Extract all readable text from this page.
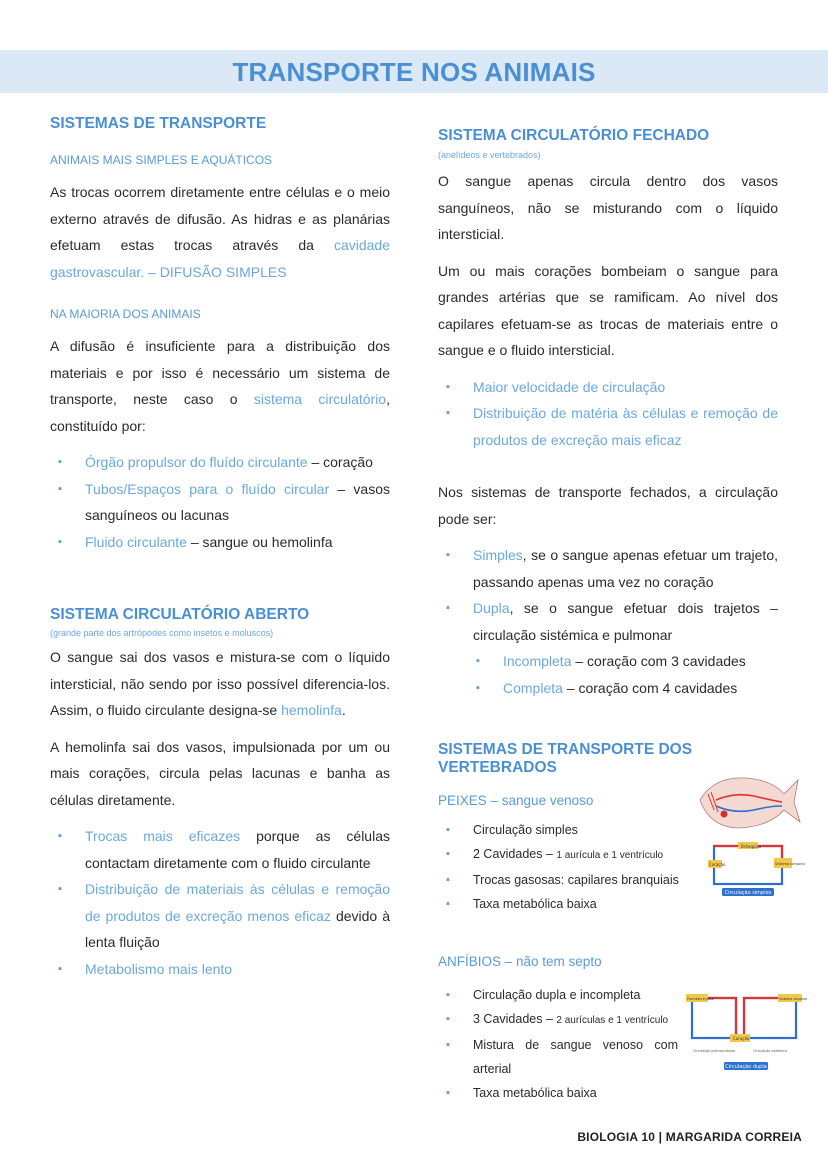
TRANSPORTE NOS ANIMAIS
SISTEMAS DE TRANSPORTE

ANIMAIS MAIS SIMPLES E AQUÁTICOS

As trocas ocorrem diretamente entre células e o meio externo através de difusão. As hidras e as planárias efetuam estas trocas através da cavidade gastrovascular. – DIFUSÃO SIMPLES

NA MAIORIA DOS ANIMAIS

A difusão é insuficiente para a distribuição dos materiais e por isso é necessário um sistema de transporte, neste caso o sistema circulatório, constituído por:

▪ Órgão propulsor do fluído circulante – coração
▪ Tubos/Espaços para o fluído circular – vasos sanguíneos ou lacunas
▪ Fluido circulante – sangue ou hemolinfa
SISTEMA CIRCULATÓRIO ABERTO

(grande parte dos artrópodes como insetos e moluscos)

O sangue sai dos vasos e mistura-se com o líquido intersticial, não sendo por isso possível diferencia-los. Assim, o fluido circulante designa-se hemolinfa.

A hemolinfa sai dos vasos, impulsionada por um ou mais corações, circula pelas lacunas e banha as células diretamente.

▪ Trocas mais eficazes porque as células contactam diretamente com o fluido circulante
▪ Distribuição de materiais às células e remoção de produtos de excreção menos eficaz devido à lenta fluição
▪ Metabolismo mais lento
SISTEMA CIRCULATÓRIO FECHADO

(anelídeos e vertebrados)

O sangue apenas circula dentro dos vasos sanguíneos, não se misturando com o líquido intersticial.

Um ou mais corações bombeiam o sangue para grandes artérias que se ramificam. Ao nível dos capilares efetuam-se as trocas de materiais entre o sangue e o fluido intersticial.

▪ Maior velocidade de circulação
▪ Distribuição de matéria às células e remoção de produtos de excreção mais eficaz

Nos sistemas de transporte fechados, a circulação pode ser:

▪ Simples, se o sangue apenas efetuar um trajeto, passando apenas uma vez no coração
▪ Dupla, se o sangue efetuar dois trajetos – circulação sistémica e pulmonar
▪ Incompleta – coração com 3 cavidades
▪ Completa – coração com 4 cavidades
SISTEMAS DE TRANSPORTE DOS VERTEBRADOS

PEIXES – sangue venoso

▪ Circulação simples
▪ 2 Cavidades – 1 aurícula e 1 ventrículo
▪ Trocas gasosas: capilares branquiais
▪ Taxa metabólica baixa

ANFÍBIOS – não tem septo

▪ Circulação dupla e incompleta
▪ 3 Cavidades – 2 aurículas e 1 ventrículo
▪ Mistura de sangue venoso com arterial
▪ Taxa metabólica baixa
Brânquias
Coração	Sistema corporal
Circulação simples
Pulmões e pele	Sistema corporal
Coração
Circulação pulmocutânea	Circulação sistémica
Circulação dupla
BIOLOGIA 10 | MARGARIDA CORREIA
